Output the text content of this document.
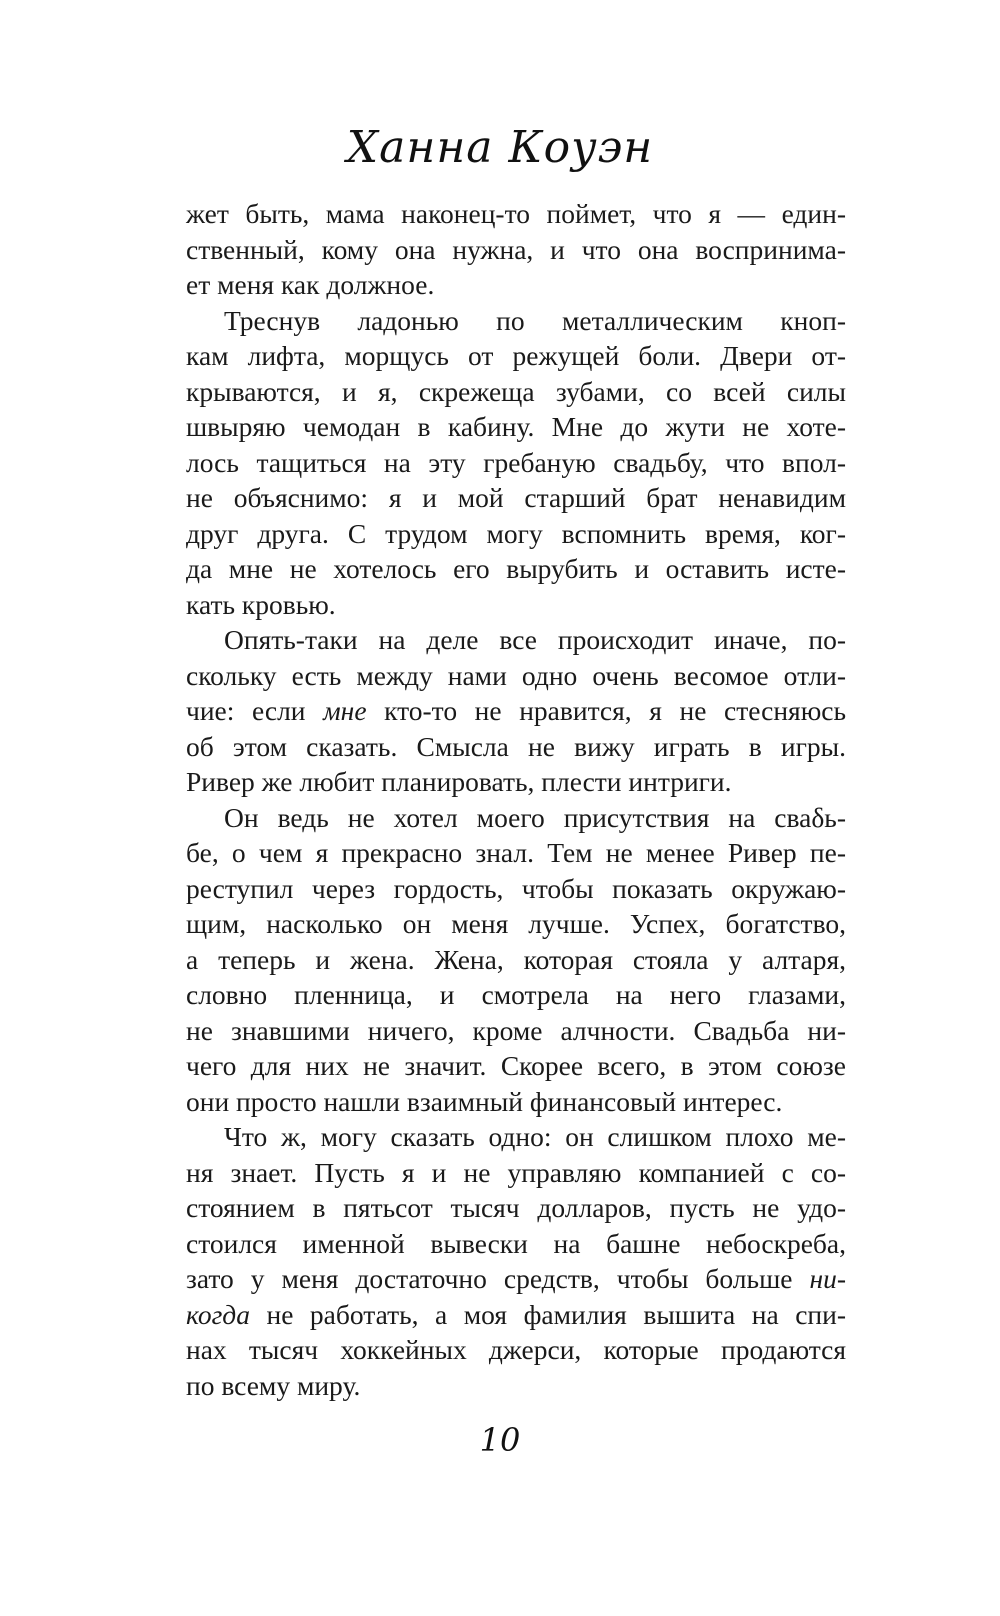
Ханна Коуэн
жет быть, мама наконец-то поймет, что я — един-
ственный, кому она нужна, и что она воспринима-
ет меня как должное.
Треснув ладонью по металлическим кноп-
кам лифта, морщусь от режущей боли. Двери от-
крываются, и я, скрежеща зубами, со всей силы
швыряю чемодан в кабину. Мне до жути не хоте-
лось тащиться на эту гребаную свадьбу, что впол-
не объяснимо: я и мой старший брат ненавидим
друг друга. С трудом могу вспомнить время, ког-
да мне не хотелось его вырубить и оставить исте-
кать кровью.
Опять-таки на деле все происходит иначе, по-
скольку есть между нами одно очень весомое отли-
чие: если мне кто-то не нравится, я не стесняюсь
об этом сказать. Смысла не вижу играть в игры.
Ривер же любит планировать, плести интриги.
Он ведь не хотел моего присутствия на сваδь-
бе, о чем я прекрасно знал. Тем не менее Ривер пе-
реступил через гордость, чтобы показать окружаю-
щим, насколько он меня лучше. Успех, богатство,
а теперь и жена. Жена, которая стояла у алтаря,
словно пленница, и смотрела на него глазами,
не знавшими ничего, кроме алчности. Свадьба ни-
чего для них не значит. Скорее всего, в этом союзе
они просто нашли взаимный финансовый интерес.
Что ж, могу сказать одно: он слишком плохо ме-
ня знает. Пусть я и не управляю компанией с со-
стоянием в пятьсот тысяч долларов, пусть не удо-
стоился именной вывески на башне небоскреба,
зато у меня достаточно средств, чтобы больше ни-
когда не работать, а моя фамилия вышита на спи-
нах тысяч хоккейных джерси, которые продаются
по всему миру.
10
